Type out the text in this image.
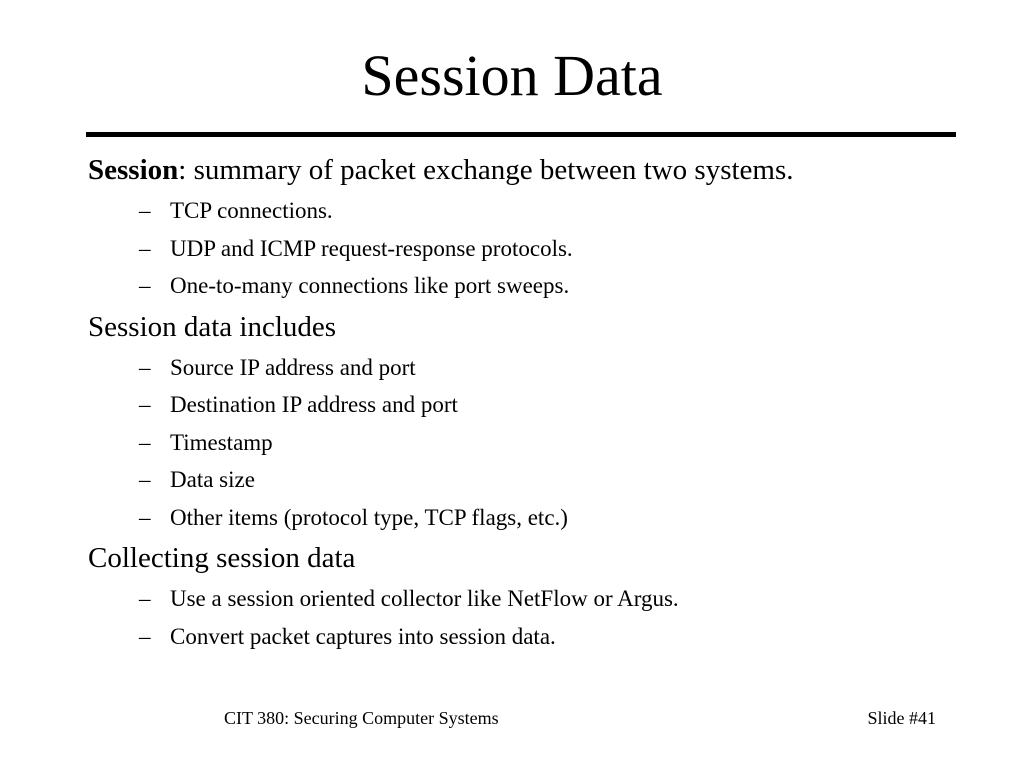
Session Data
Session: summary of packet exchange between two systems.
– TCP connections.
– UDP and ICMP request-response protocols.
– One-to-many connections like port sweeps.
Session data includes
– Source IP address and port
– Destination IP address and port
– Timestamp
– Data size
– Other items (protocol type, TCP flags, etc.)
Collecting session data
– Use a session oriented collector like NetFlow or Argus.
– Convert packet captures into session data.
CIT 380: Securing Computer Systems	Slide #41
